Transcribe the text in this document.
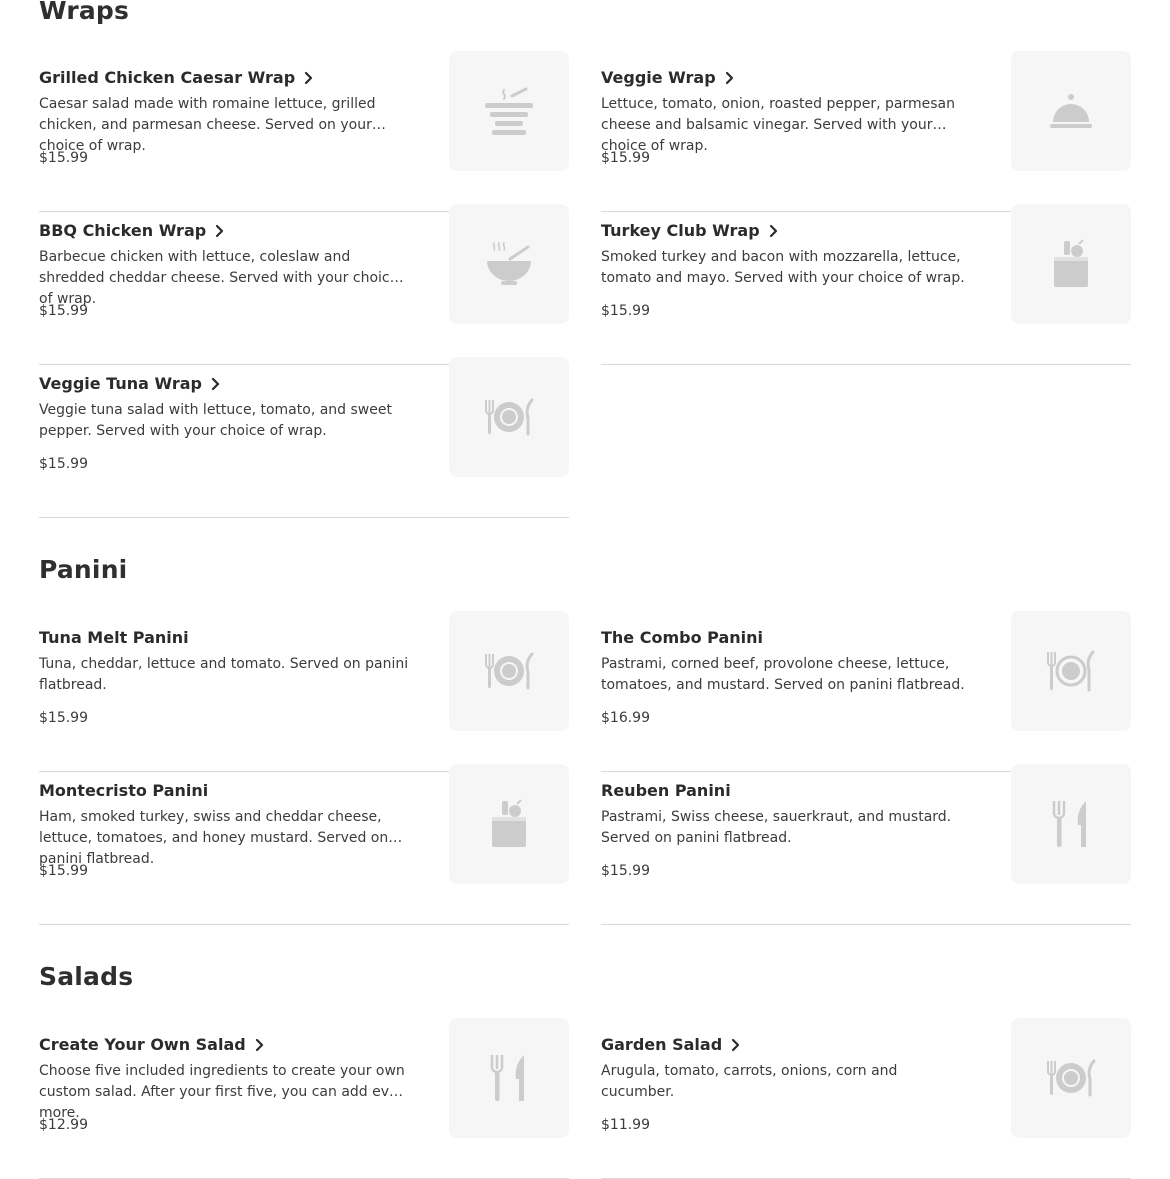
Wraps
Grilled Chicken Caesar Wrap
Caesar salad made with romaine lettuce, grilled chicken, and parmesan cheese. Served on your choice of wrap.
$15.99
Veggie Wrap
Lettuce, tomato, onion, roasted pepper, parmesan cheese and balsamic vinegar. Served with your choice of wrap.
$15.99
BBQ Chicken Wrap
Barbecue chicken with lettuce, coleslaw and shredded cheddar cheese. Served with your choice of wrap.
$15.99
Turkey Club Wrap
Smoked turkey and bacon with mozzarella, lettuce, tomato and mayo. Served with your choice of wrap.
$15.99
Veggie Tuna Wrap
Veggie tuna salad with lettuce, tomato, and sweet pepper. Served with your choice of wrap.
$15.99
Panini
Tuna Melt Panini
Tuna, cheddar, lettuce and tomato. Served on panini flatbread.
$15.99
The Combo Panini
Pastrami, corned beef, provolone cheese, lettuce, tomatoes, and mustard. Served on panini flatbread.
$16.99
Montecristo Panini
Ham, smoked turkey, swiss and cheddar cheese, lettuce, tomatoes, and honey mustard. Served on panini flatbread.
$15.99
Reuben Panini
Pastrami, Swiss cheese, sauerkraut, and mustard. Served on panini flatbread.
$15.99
Salads
Create Your Own Salad
Choose five included ingredients to create your own custom salad. After your first five, you can add even more.
$12.99
Garden Salad
Arugula, tomato, carrots, onions, corn and cucumber.
$11.99
